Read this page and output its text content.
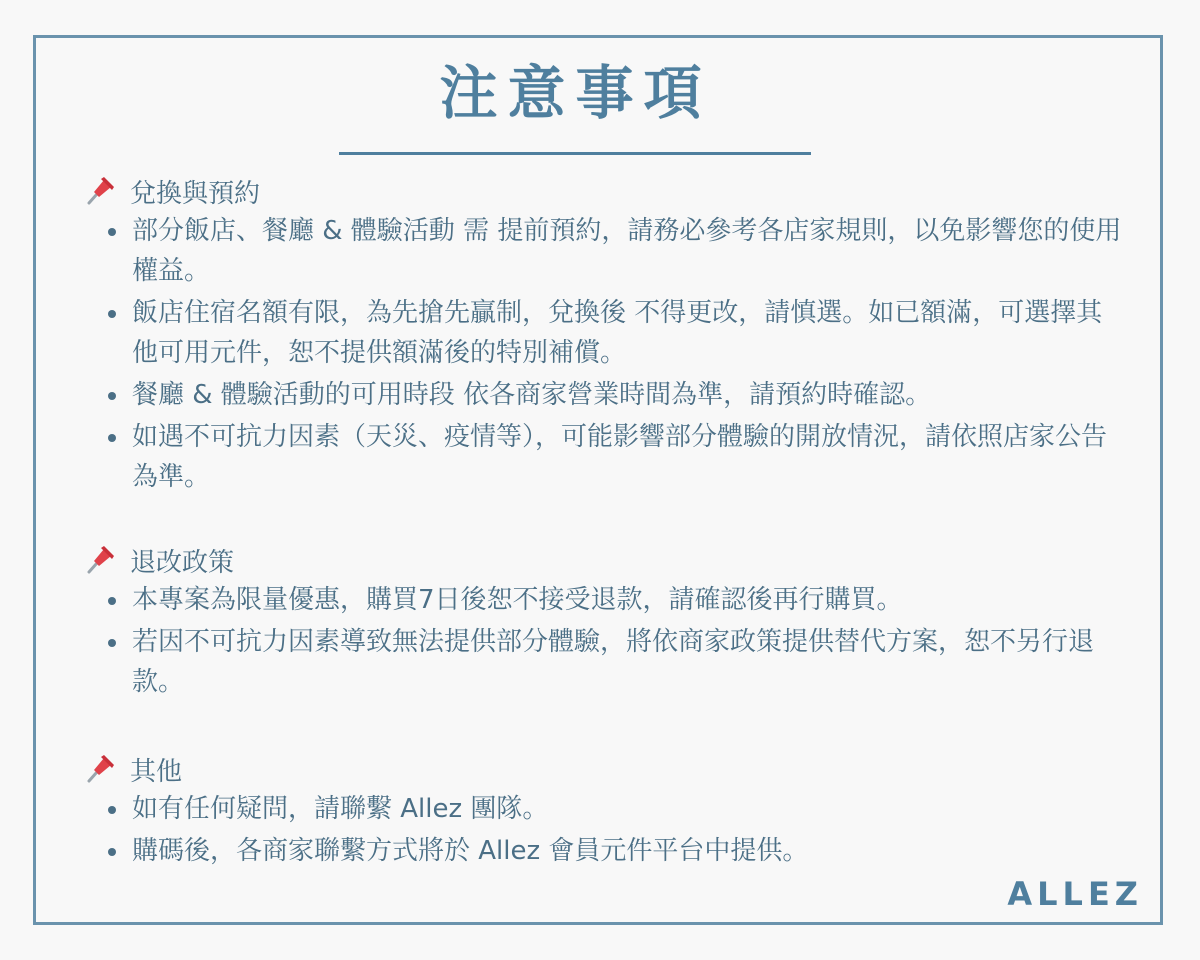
注意事項
兌換與預約
部分飯店、餐廳 & 體驗活動 需 提前預約，請務必參考各店家規則，以免影響您的使用權益。
飯店住宿名額有限，為先搶先贏制，兌換後 不得更改，請慎選。如已額滿，可選擇其他可用元件，恕不提供額滿後的特別補償。
餐廳 & 體驗活動的可用時段 依各商家營業時間為準，請預約時確認。
如遇不可抗力因素（天災、疫情等），可能影響部分體驗的開放情況，請依照店家公告為準。
退改政策
本專案為限量優惠，購買7日後恕不接受退款，請確認後再行購買。
若因不可抗力因素導致無法提供部分體驗，將依商家政策提供替代方案，恕不另行退款。
其他
如有任何疑問，請聯繫 Allez 團隊。
購碼後，各商家聯繫方式將於 Allez 會員元件平台中提供。
ALLEZ
